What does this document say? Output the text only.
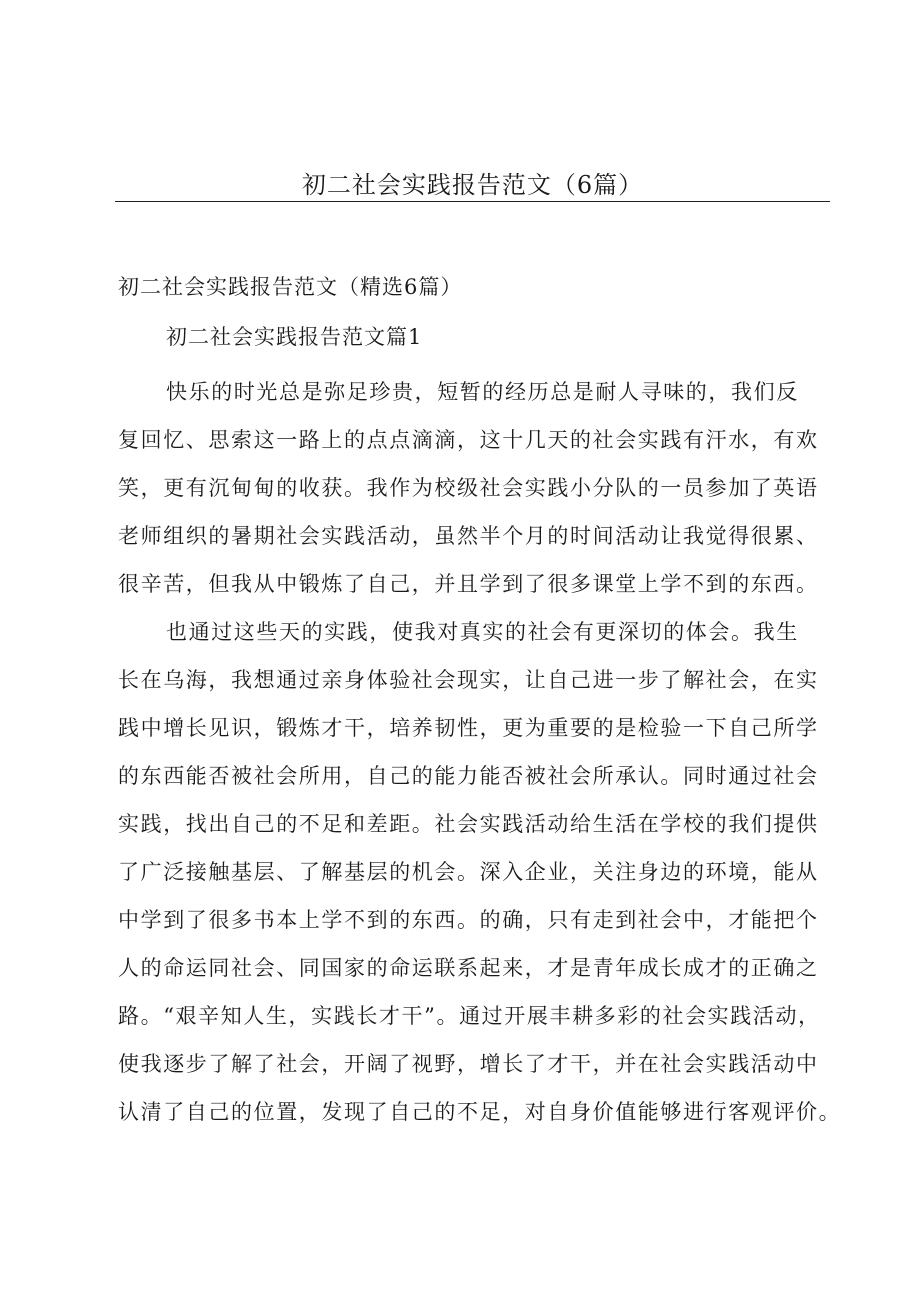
初二社会实践报告范文（6篇）

初二社会实践报告范文（精选6篇）

初二社会实践报告范文篇1

快乐的时光总是弥足珍贵，短暂的经历总是耐人寻味的，我们反
复回忆、思索这一路上的点点滴滴，这十几天的社会实践有汗水，有欢
笑，更有沉甸甸的收获。我作为校级社会实践小分队的一员参加了英语
老师组织的暑期社会实践活动，虽然半个月的时间活动让我觉得很累、
很辛苦，但我从中锻炼了自己，并且学到了很多课堂上学不到的东西。
也通过这些天的实践，使我对真实的社会有更深切的体会。我生
长在乌海，我想通过亲身体验社会现实，让自己进一步了解社会，在实
践中增长见识，锻炼才干，培养韧性，更为重要的是检验一下自己所学
的东西能否被社会所用，自己的能力能否被社会所承认。同时通过社会
实践，找出自己的不足和差距。社会实践活动给生活在学校的我们提供
了广泛接触基层、了解基层的机会。深入企业，关注身边的环境，能从
中学到了很多书本上学不到的东西。的确，只有走到社会中，才能把个
人的命运同社会、同国家的命运联系起来，才是青年成长成才的正确之
路。“艰辛知人生，实践长才干”。通过开展丰耕多彩的社会实践活动，
使我逐步了解了社会，开阔了视野，增长了才干，并在社会实践活动中
认清了自己的位置，发现了自己的不足，对自身价值能够进行客观评价。
